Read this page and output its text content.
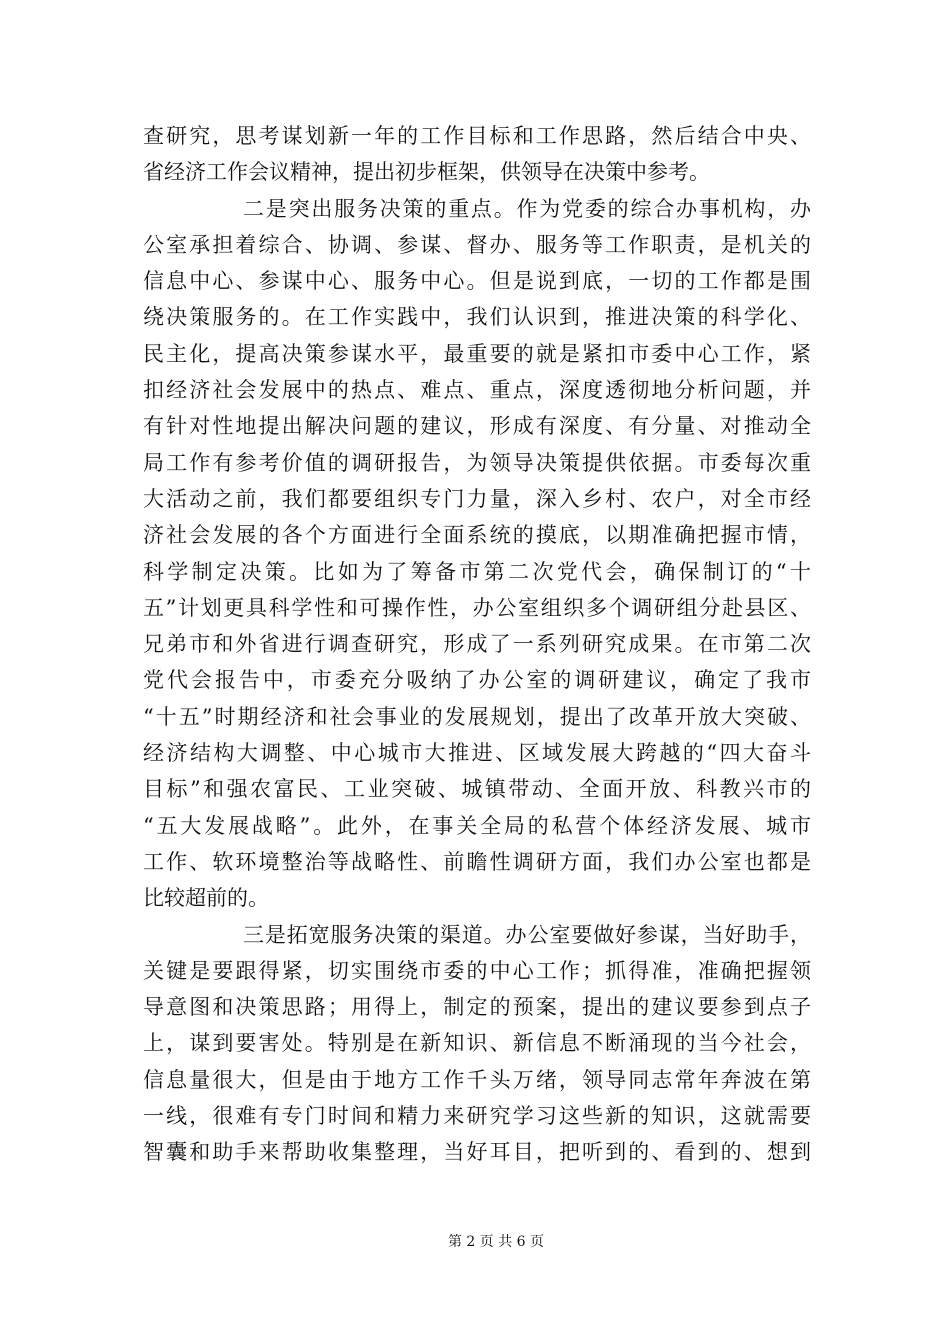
查研究，思考谋划新一年的工作目标和工作思路，然后结合中央、
省经济工作会议精神，提出初步框架，供领导在决策中参考。
二是突出服务决策的重点。作为党委的综合办事机构，办
公室承担着综合、协调、参谋、督办、服务等工作职责，是机关的
信息中心、参谋中心、服务中心。但是说到底，一切的工作都是围
绕决策服务的。在工作实践中，我们认识到，推进决策的科学化、
民主化，提高决策参谋水平，最重要的就是紧扣市委中心工作，紧
扣经济社会发展中的热点、难点、重点，深度透彻地分析问题，并
有针对性地提出解决问题的建议，形成有深度、有分量、对推动全
局工作有参考价值的调研报告，为领导决策提供依据。市委每次重
大活动之前，我们都要组织专门力量，深入乡村、农户，对全市经
济社会发展的各个方面进行全面系统的摸底，以期准确把握市情，
科学制定决策。比如为了筹备市第二次党代会，确保制订的“十
五”计划更具科学性和可操作性，办公室组织多个调研组分赴县区、
兄弟市和外省进行调查研究，形成了一系列研究成果。在市第二次
党代会报告中，市委充分吸纳了办公室的调研建议，确定了我市
“十五”时期经济和社会事业的发展规划，提出了改革开放大突破、
经济结构大调整、中心城市大推进、区域发展大跨越的“四大奋斗
目标”和强农富民、工业突破、城镇带动、全面开放、科教兴市的
“五大发展战略”。此外，在事关全局的私营个体经济发展、城市
工作、软环境整治等战略性、前瞻性调研方面，我们办公室也都是
比较超前的。
三是拓宽服务决策的渠道。办公室要做好参谋，当好助手，
关键是要跟得紧，切实围绕市委的中心工作；抓得准，准确把握领
导意图和决策思路；用得上，制定的预案，提出的建议要参到点子
上，谋到要害处。特别是在新知识、新信息不断涌现的当今社会，
信息量很大，但是由于地方工作千头万绪，领导同志常年奔波在第
一线，很难有专门时间和精力来研究学习这些新的知识，这就需要
智囊和助手来帮助收集整理，当好耳目，把听到的、看到的、想到
第 2 页 共 6 页
